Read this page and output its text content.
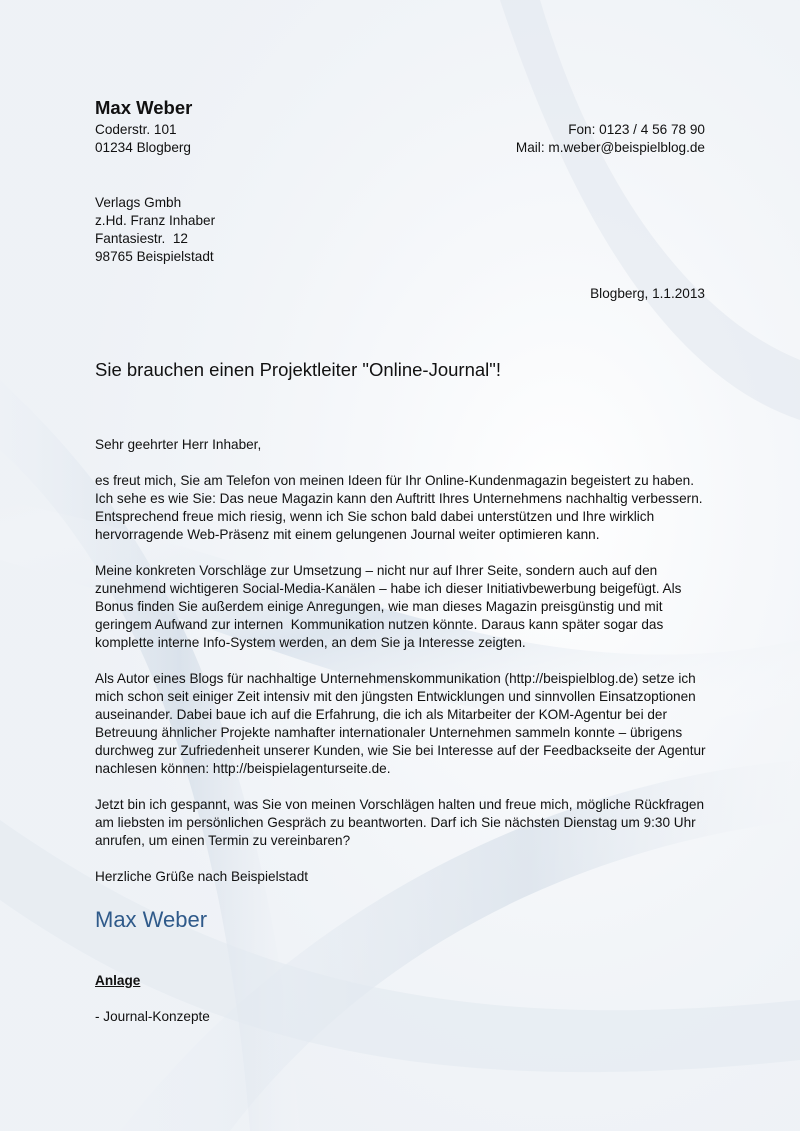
Max Weber
Coderstr. 101
01234 Blogberg
Fon: 0123 / 4 56 78 90
Mail: m.weber@beispielblog.de
Verlags Gmbh
z.Hd. Franz Inhaber
Fantasiestr.  12
98765 Beispielstadt
Blogberg, 1.1.2013
Sie brauchen einen Projektleiter "Online-Journal"!

Sehr geehrter Herr Inhaber,

es freut mich, Sie am Telefon von meinen Ideen für Ihr Online-Kundenmagazin begeistert zu haben. Ich sehe es wie Sie: Das neue Magazin kann den Auftritt Ihres Unternehmens nachhaltig verbessern. Entsprechend freue mich riesig, wenn ich Sie schon bald dabei unterstützen und Ihre wirklich hervorragende Web-Präsenz mit einem gelungenen Journal weiter optimieren kann.

Meine konkreten Vorschläge zur Umsetzung – nicht nur auf Ihrer Seite, sondern auch auf den zunehmend wichtigeren Social-Media-Kanälen – habe ich dieser Initiativbewerbung beigefügt. Als Bonus finden Sie außerdem einige Anregungen, wie man dieses Magazin preisgünstig und mit geringem Aufwand zur internen  Kommunikation nutzen könnte. Daraus kann später sogar das komplette interne Info-System werden, an dem Sie ja Interesse zeigten.

Als Autor eines Blogs für nachhaltige Unternehmenskommunikation (http://beispielblog.de) setze ich mich schon seit einiger Zeit intensiv mit den jüngsten Entwicklungen und sinnvollen Einsatzoptionen auseinander. Dabei baue ich auf die Erfahrung, die ich als Mitarbeiter der KOM-Agentur bei der Betreuung ähnlicher Projekte namhafter internationaler Unternehmen sammeln konnte – übrigens durchweg zur Zufriedenheit unserer Kunden, wie Sie bei Interesse auf der Feedbackseite der Agentur nachlesen können: http://beispielagenturseite.de.

Jetzt bin ich gespannt, was Sie von meinen Vorschlägen halten und freue mich, mögliche Rückfragen am liebsten im persönlichen Gespräch zu beantworten. Darf ich Sie nächsten Dienstag um 9:30 Uhr anrufen, um einen Termin zu vereinbaren?

Herzliche Grüße nach Beispielstadt

Max Weber
Anlage
- Journal-Konzepte
